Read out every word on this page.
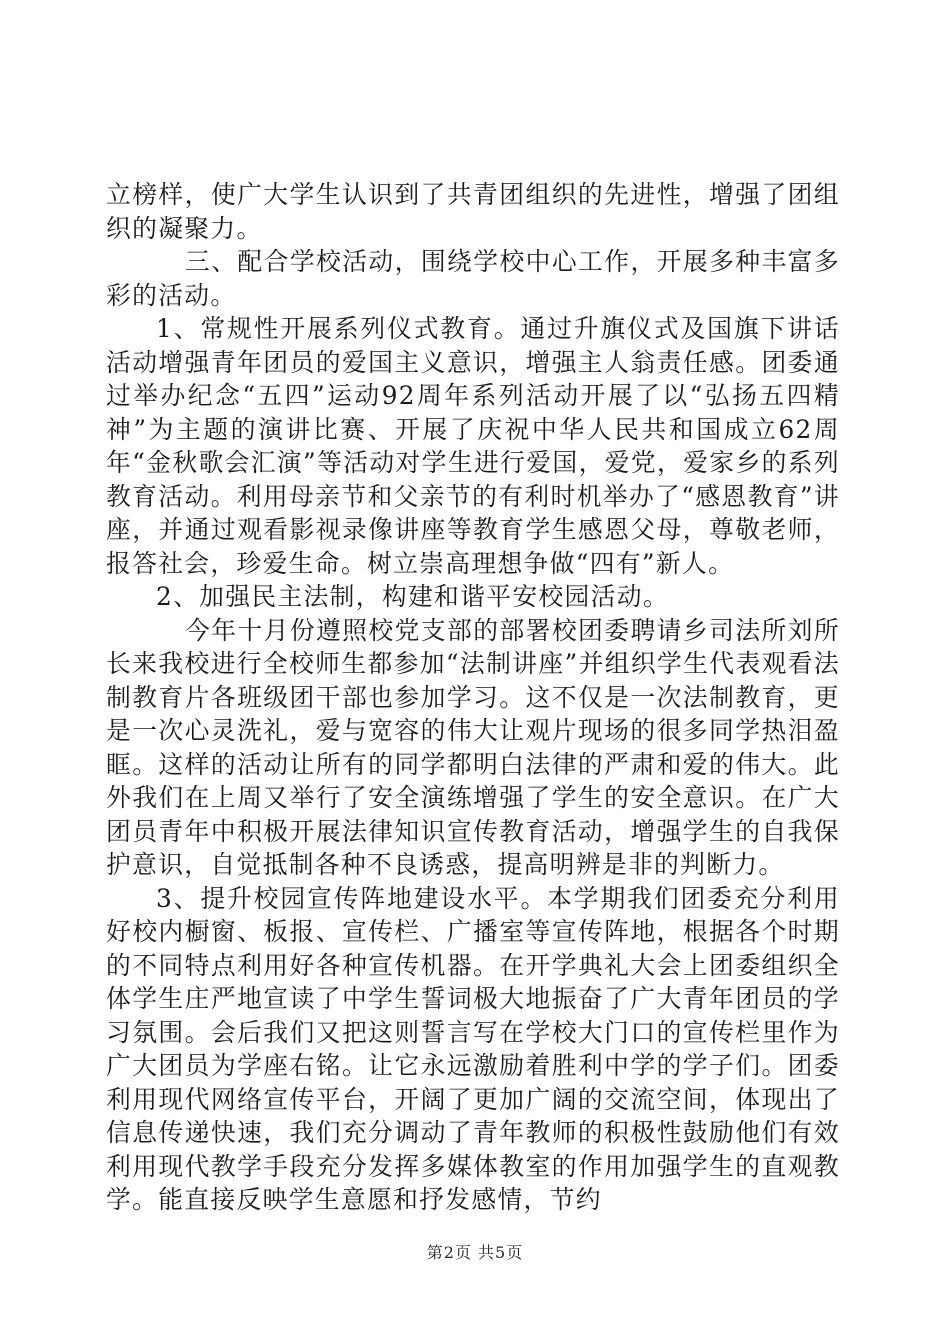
立榜样，使广大学生认识到了共青团组织的先进性，增强了团组织的凝聚力。

三、配合学校活动，围绕学校中心工作，开展多种丰富多彩的活动。

1、常规性开展系列仪式教育。通过升旗仪式及国旗下讲话活动增强青年团员的爱国主义意识，增强主人翁责任感。团委通过举办纪念“五四”运动92周年系列活动开展了以“弘扬五四精神”为主题的演讲比赛、开展了庆祝中华人民共和国成立62周年“金秋歌会汇演”等活动对学生进行爱国，爱党，爱家乡的系列教育活动。利用母亲节和父亲节的有利时机举办了“感恩教育”讲座，并通过观看影视录像讲座等教育学生感恩父母，尊敬老师，报答社会，珍爱生命。树立崇高理想争做“四有”新人。

2、加强民主法制，构建和谐平安校园活动。

今年十月份遵照校党支部的部署校团委聘请乡司法所刘所长来我校进行全校师生都参加“法制讲座”并组织学生代表观看法制教育片各班级团干部也参加学习。这不仅是一次法制教育，更是一次心灵洗礼，爱与宽容的伟大让观片现场的很多同学热泪盈眶。这样的活动让所有的同学都明白法律的严肃和爱的伟大。此外我们在上周又举行了安全演练增强了学生的安全意识。在广大团员青年中积极开展法律知识宣传教育活动，增强学生的自我保护意识，自觉抵制各种不良诱惑，提高明辨是非的判断力。

3、提升校园宣传阵地建设水平。本学期我们团委充分利用好校内橱窗、板报、宣传栏、广播室等宣传阵地，根据各个时期的不同特点利用好各种宣传机器。在开学典礼大会上团委组织全体学生庄严地宣读了中学生誓词极大地振奋了广大青年团员的学习氛围。会后我们又把这则誓言写在学校大门口的宣传栏里作为广大团员为学座右铭。让它永远激励着胜利中学的学子们。团委利用现代网络宣传平台，开阔了更加广阔的交流空间，体现出了信息传递快速，我们充分调动了青年教师的积极性鼓励他们有效利用现代教学手段充分发挥多媒体教室的作用加强学生的直观教学。能直接反映学生意愿和抒发感情，节约

第2页 共5页
